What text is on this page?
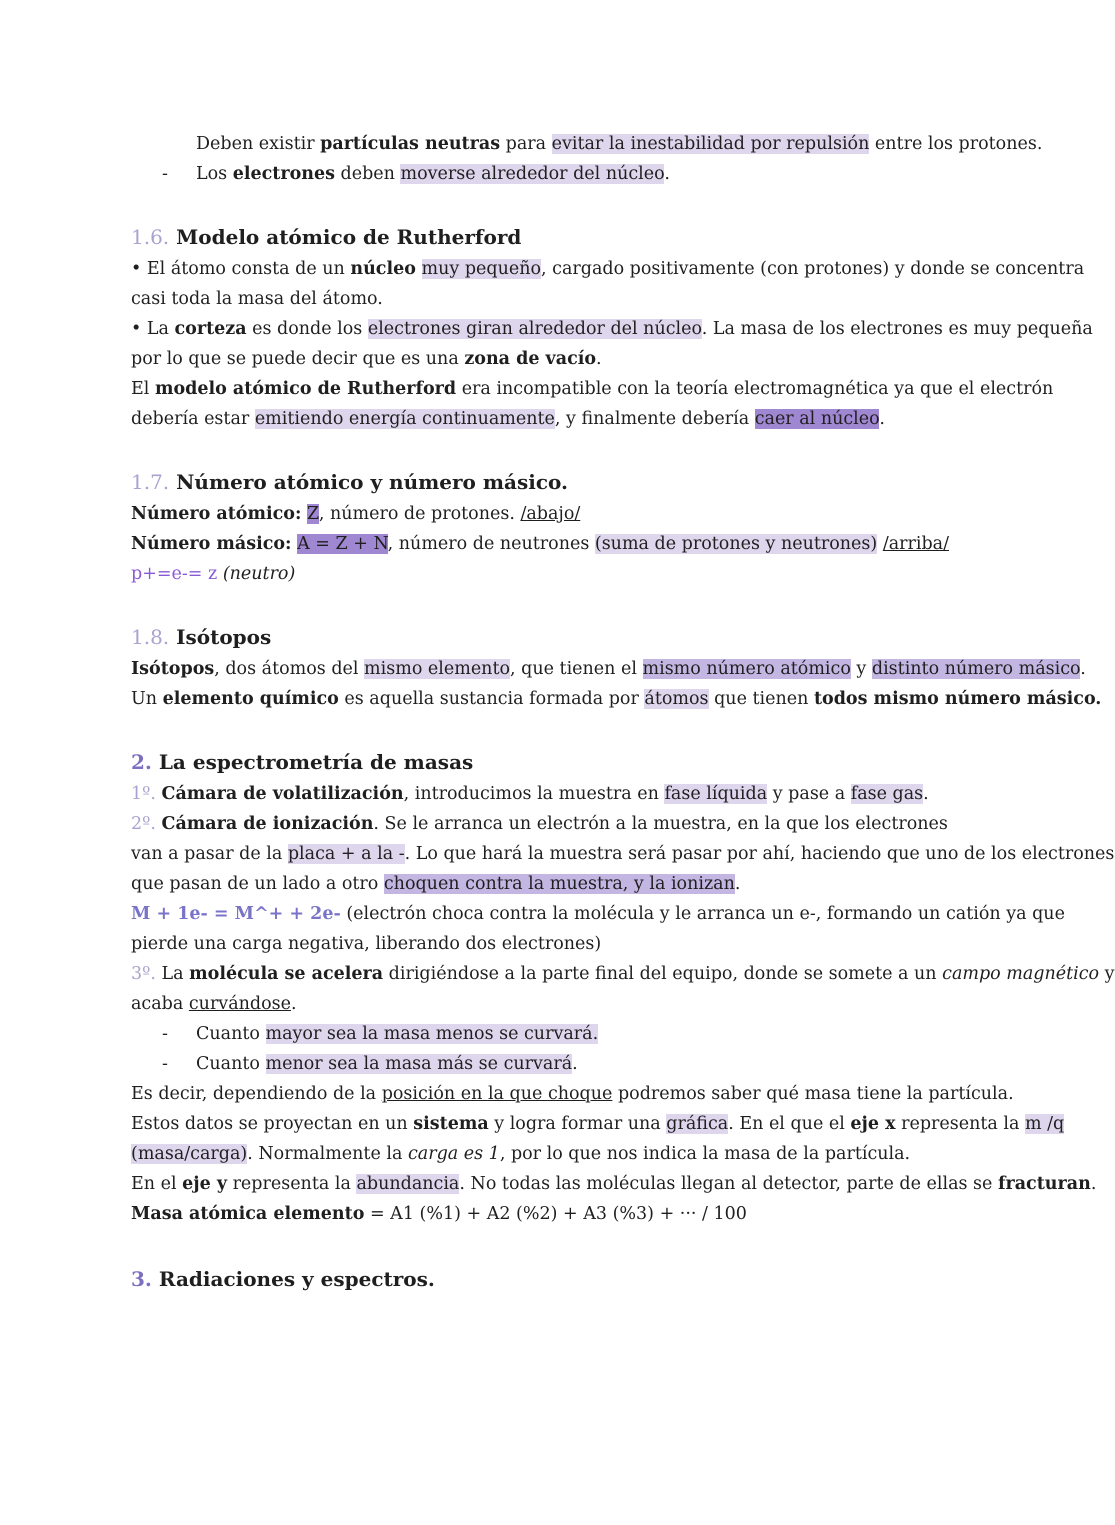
Deben existir partículas neutras para evitar la inestabilidad por repulsión entre los protones.
- Los electrones deben moverse alrededor del núcleo.
1.6. Modelo atómico de Rutherford
• El átomo consta de un núcleo muy pequeño, cargado positivamente (con protones) y donde se concentra
casi toda la masa del átomo.
• La corteza es donde los electrones giran alrededor del núcleo. La masa de los electrones es muy pequeña
por lo que se puede decir que es una zona de vacío.
El modelo atómico de Rutherford era incompatible con la teoría electromagnética ya que el electrón
debería estar emitiendo energía continuamente, y finalmente debería caer al núcleo.
1.7. Número atómico y número másico.
Número atómico: Z, número de protones. /abajo/
Número másico: A = Z + N, número de neutrones (suma de protones y neutrones) /arriba/
p+=e-= z (neutro)
1.8. Isótopos
Isótopos, dos átomos del mismo elemento, que tienen el mismo número atómico y distinto número másico.
Un elemento químico es aquella sustancia formada por átomos que tienen todos mismo número másico.
2. La espectrometría de masas
1º. Cámara de volatilización, introducimos la muestra en fase líquida y pase a fase gas.
2º. Cámara de ionización. Se le arranca un electrón a la muestra, en la que los electrones
van a pasar de la placa + a la -. Lo que hará la muestra será pasar por ahí, haciendo que uno de los electrones
que pasan de un lado a otro choquen contra la muestra, y la ionizan.
M + 1e- = M^+ + 2e- (electrón choca contra la molécula y le arranca un e-, formando un catión ya que
pierde una carga negativa, liberando dos electrones)
3º. La molécula se acelera dirigiéndose a la parte final del equipo, donde se somete a un campo magnético y
acaba curvándose.
- Cuanto mayor sea la masa menos se curvará.
- Cuanto menor sea la masa más se curvará.
Es decir, dependiendo de la posición en la que choque podremos saber qué masa tiene la partícula.
Estos datos se proyectan en un sistema y logra formar una gráfica. En el que el eje x representa la m /q
(masa/carga). Normalmente la carga es 1, por lo que nos indica la masa de la partícula.
En el eje y representa la abundancia. No todas las moléculas llegan al detector, parte de ellas se fracturan.
Masa atómica elemento = A1 (%1) + A2 (%2) + A3 (%3) + ··· / 100
3. Radiaciones y espectros.
